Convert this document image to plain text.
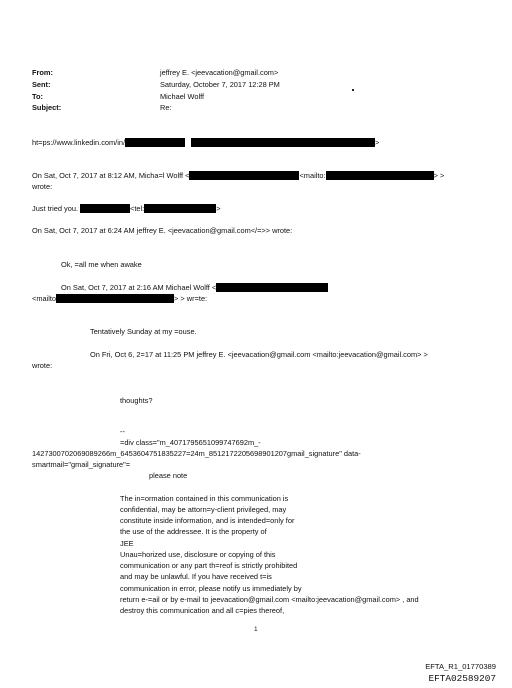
From:	jeffrey E. <jeevacation@gmail.com>
Sent:	Saturday, October 7, 2017 12:28 PM
To:	Michael Wolff
Subject:	Re:
ht=ps://www.linkedin.com/in/	>
On Sat, Oct 7, 2017 at 8:12 AM, Micha=l Wolff <	<mailto:	> >
wrote:
Just tried you.	<tel:	>
On Sat, Oct 7, 2017 at 6:24 AM jeffrey E. <jeevacation@gmail.com</=>> wrote:
Ok, =all me when awake
On Sat, Oct 7, 2017 at 2:16 AM Michael Wolff <
<mailto	> > wr=te:
Tentatively Sunday at my =ouse.
On Fri, Oct 6, 2=17 at 11:25 PM jeffrey E. <jeevacation@gmail.com <mailto:jeevacation@gmail.com> >
wrote:
thoughts?
--
=div class="m_4071795651099747692m_-
1427300702069089266m_6453604751835227=24m_8512172205698901207gmail_signature" data-
smartmail="gmail_signature"=
please note
The in=ormation contained in this communication is
confidential, may be attorn=y-client privileged, may
constitute inside information, and is intended=only for
the use of the addressee. It is the property of
JEE
Unau=horized use, disclosure or copying of this
communication or any part th=reof is strictly prohibited
and may be unlawful. If you have received t=is
communication in error, please notify us immediately by
return e-=ail or by e-mail to jeevacation@gmail.com <mailto:jeevacation@gmail.com> , and
destroy this communication and all c=pies thereof,
1
EFTA_R1_01770389
EFTA02589207
